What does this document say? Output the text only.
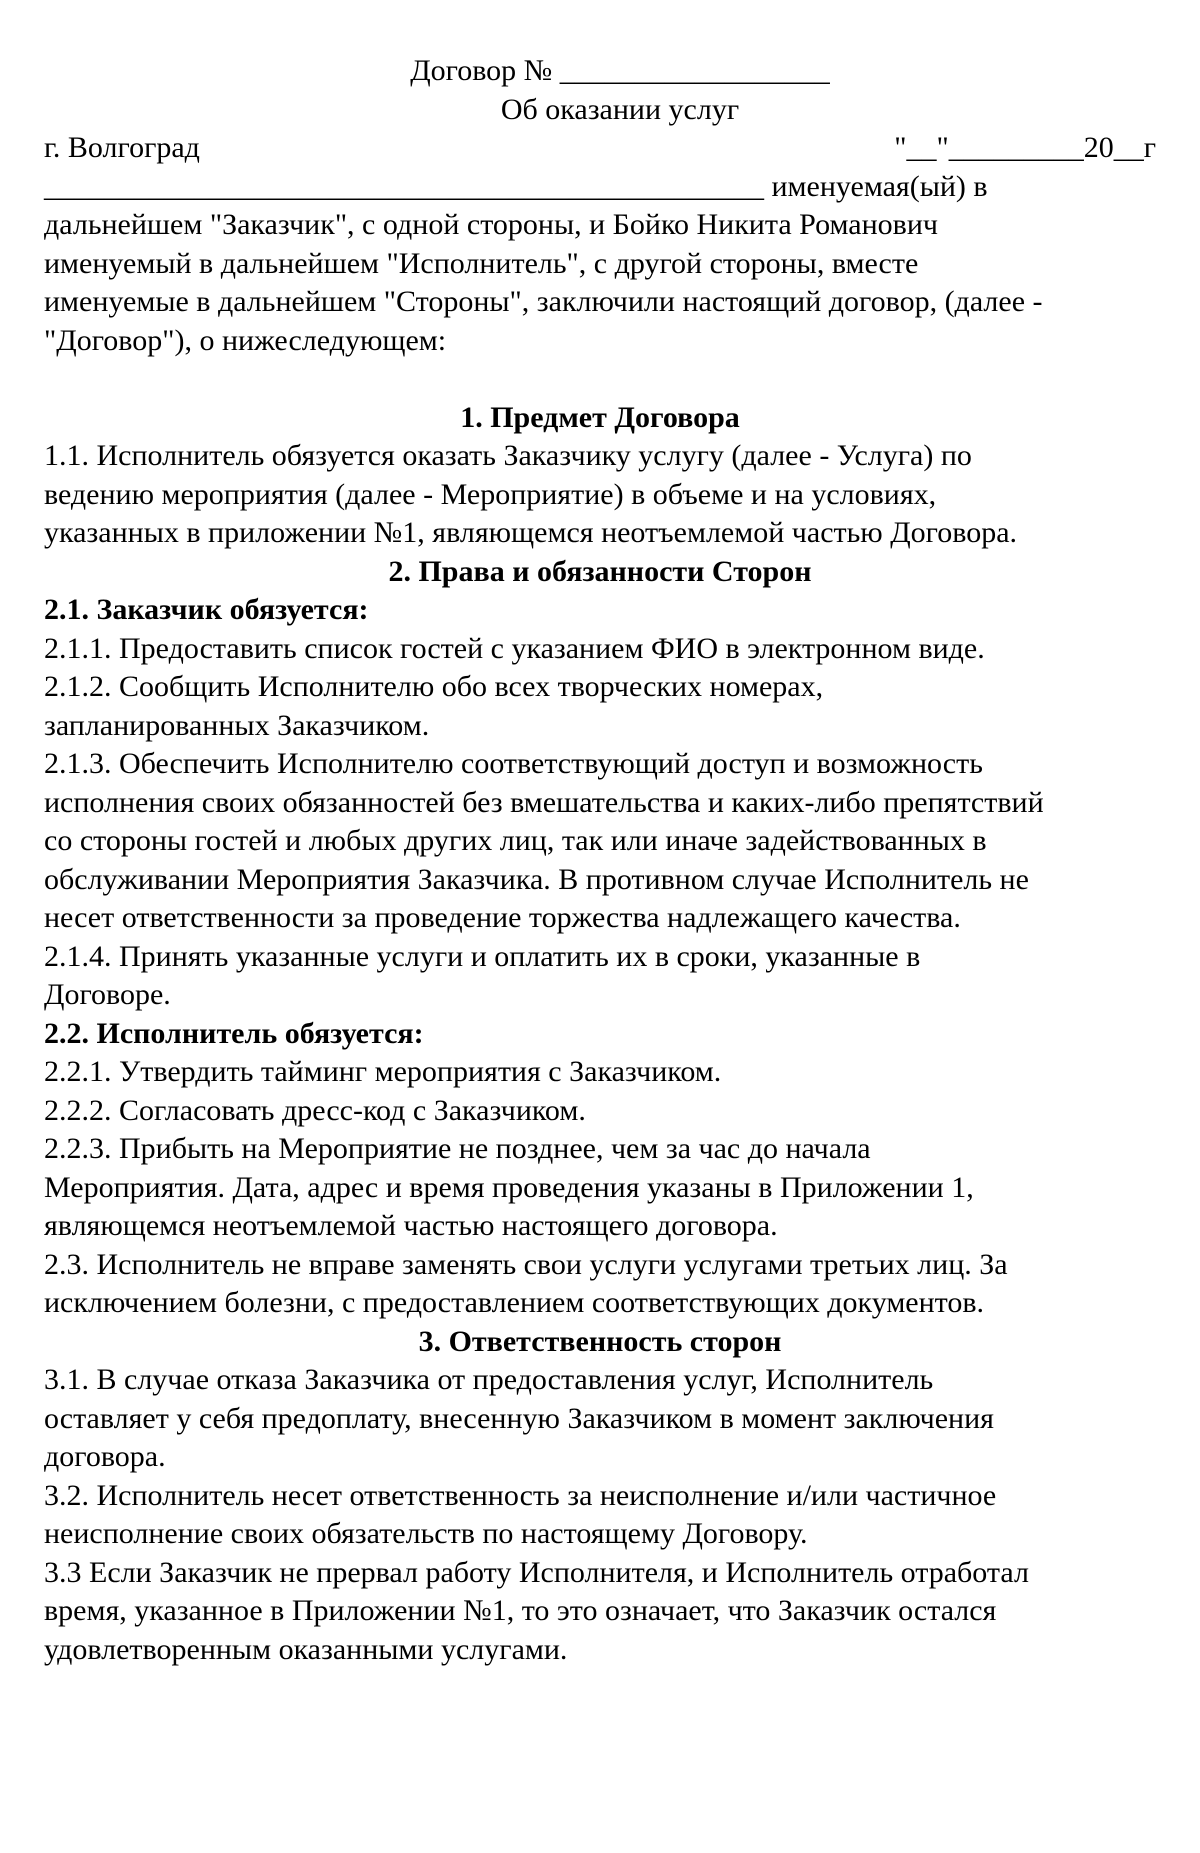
Договор № __________________
Об оказании услуг
г. Волгоград	"__"_________20__г
________________________________________________ именуемая(ый) в
дальнейшем "Заказчик", с одной стороны, и Бойко Никита Романович
именуемый в дальнейшем "Исполнитель", с другой стороны, вместе
именуемые в дальнейшем "Стороны", заключили настоящий договор, (далее -
"Договор"), о нижеследующем:
1. Предмет Договора
1.1. Исполнитель обязуется оказать Заказчику услугу (далее - Услуга) по
ведению мероприятия (далее - Мероприятие) в объеме и на условиях,
указанных в приложении №1, являющемся неотъемлемой частью Договора.
2. Права и обязанности Сторон
2.1. Заказчик обязуется:
2.1.1. Предоставить список гостей с указанием ФИО в электронном виде.
2.1.2. Сообщить Исполнителю обо всех творческих номерах,
запланированных Заказчиком.
2.1.3. Обеспечить Исполнителю соответствующий доступ и возможность
исполнения своих обязанностей без вмешательства и каких-либо препятствий
со стороны гостей и любых других лиц, так или иначе задействованных в
обслуживании Мероприятия Заказчика. В противном случае Исполнитель не
несет ответственности за проведение торжества надлежащего качества.
2.1.4. Принять указанные услуги и оплатить их в сроки, указанные в
Договоре.
2.2. Исполнитель обязуется:
2.2.1. Утвердить тайминг мероприятия с Заказчиком.
2.2.2. Согласовать дресс-код с Заказчиком.
2.2.3. Прибыть на Мероприятие не позднее, чем за час до начала
Мероприятия. Дата, адрес и время проведения указаны в Приложении 1,
являющемся неотъемлемой частью настоящего договора.
2.3. Исполнитель не вправе заменять свои услуги услугами третьих лиц. За
исключением болезни, с предоставлением соответствующих документов.
3. Ответственность сторон
3.1. В случае отказа Заказчика от предоставления услуг, Исполнитель
оставляет у себя предоплату, внесенную Заказчиком в момент заключения
договора.
3.2. Исполнитель несет ответственность за неисполнение и/или частичное
неисполнение своих обязательств по настоящему Договору.
3.3 Если Заказчик не прервал работу Исполнителя, и Исполнитель отработал
время, указанное в Приложении №1, то это означает, что Заказчик остался
удовлетворенным оказанными услугами.
